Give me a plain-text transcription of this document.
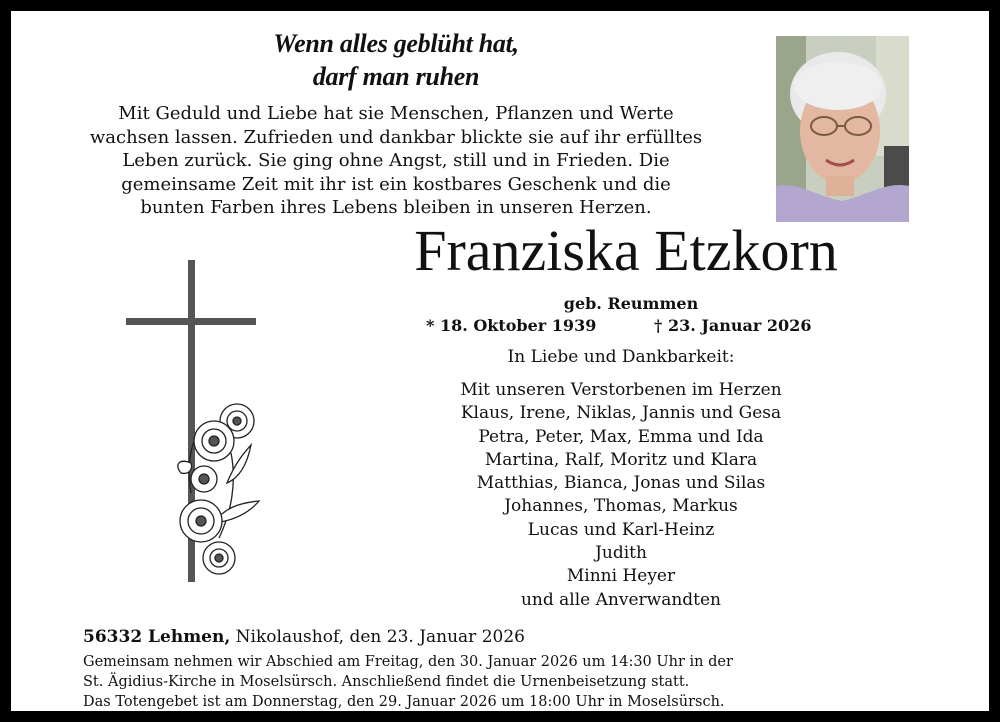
Wenn alles geblüht hat,
darf man ruhen
Mit Geduld und Liebe hat sie Menschen, Pflanzen und Werte
wachsen lassen. Zufrieden und dankbar blickte sie auf ihr erfülltes
Leben zurück. Sie ging ohne Angst, still und in Frieden. Die
gemeinsame Zeit mit ihr ist ein kostbares Geschenk und die
bunten Farben ihres Lebens bleiben in unseren Herzen.
Franziska Etzkorn
geb. Reummen
* 18. Oktober 1939	† 23. Januar 2026
In Liebe und Dankbarkeit:
Mit unseren Verstorbenen im Herzen
Klaus, Irene, Niklas, Jannis und Gesa
Petra, Peter, Max, Emma und Ida
Martina, Ralf, Moritz und Klara
Matthias, Bianca, Jonas und Silas
Johannes, Thomas, Markus
Lucas und Karl-Heinz
Judith
Minni Heyer
und alle Anverwandten
56332 Lehmen, Nikolaushof, den 23. Januar 2026
Gemeinsam nehmen wir Abschied am Freitag, den 30. Januar 2026 um 14:30 Uhr in der
St. Ägidius-Kirche in Moselsürsch. Anschließend findet die Urnenbeisetzung statt.
Das Totengebet ist am Donnerstag, den 29. Januar 2026 um 18:00 Uhr in Moselsürsch.
